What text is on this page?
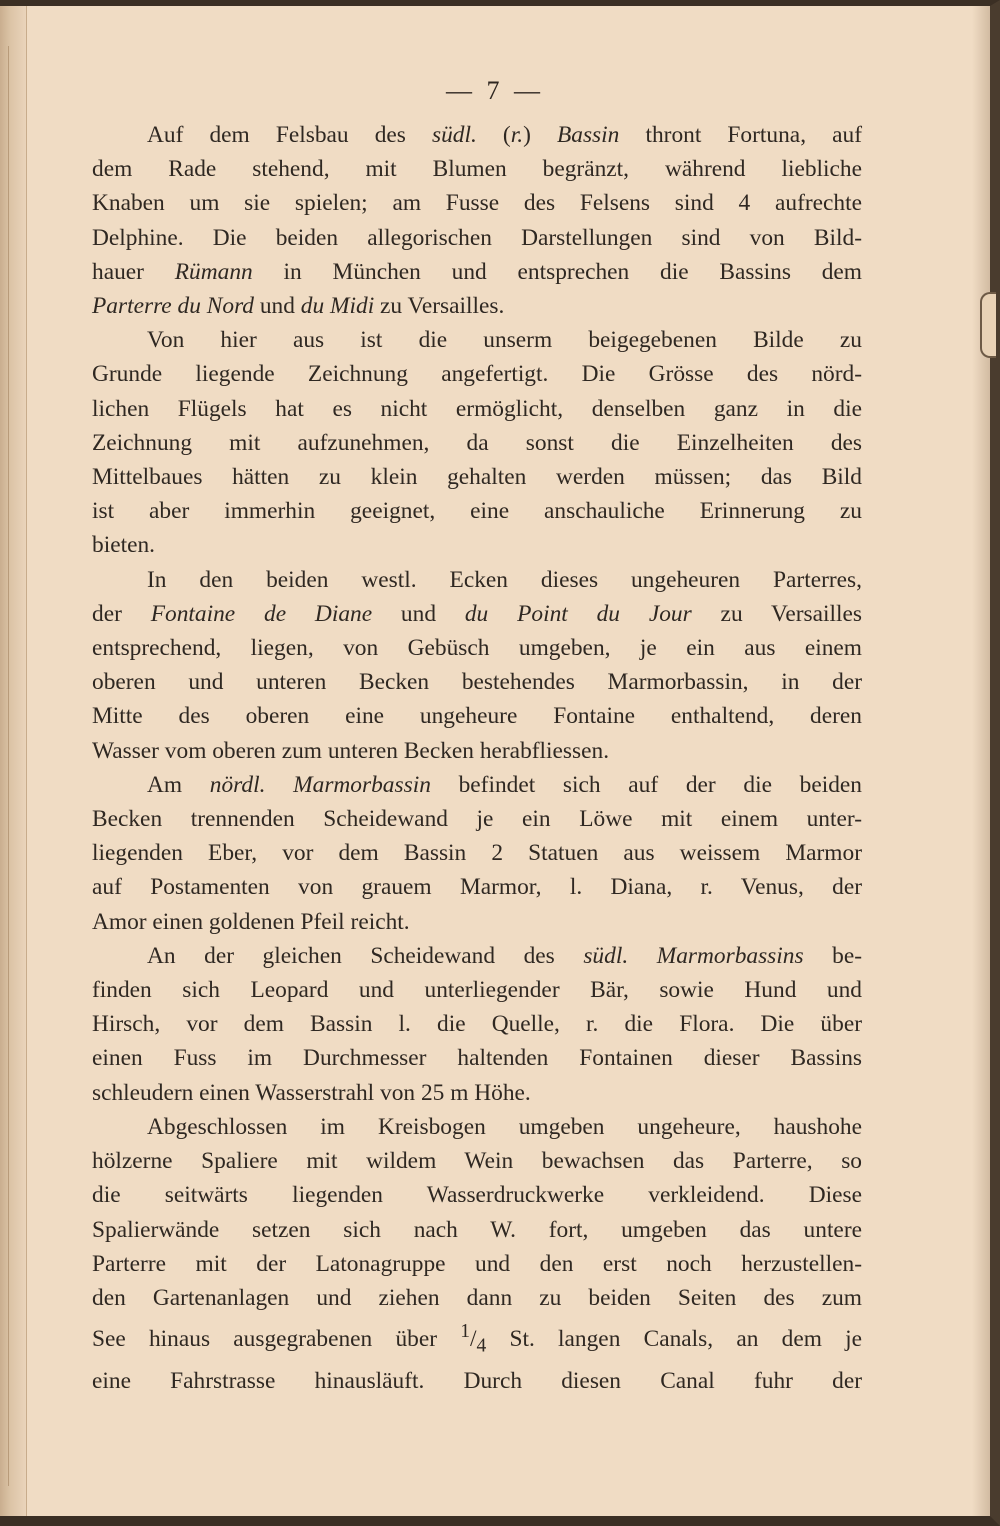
— 7 —

Auf dem Felsbau des südl. (r.) Bassin thront Fortuna, auf

dem Rade stehend, mit Blumen begränzt, während liebliche

Knaben um sie spielen; am Fusse des Felsens sind 4 aufrechte

Delphine. Die beiden allegorischen Darstellungen sind von Bild-

hauer Rümann in München und entsprechen die Bassins dem

Parterre du Nord und du Midi zu Versailles.

Von hier aus ist die unserm beigegebenen Bilde zu

Grunde liegende Zeichnung angefertigt. Die Grösse des nörd-

lichen Flügels hat es nicht ermöglicht, denselben ganz in die

Zeichnung mit aufzunehmen, da sonst die Einzelheiten des

Mittelbaues hätten zu klein gehalten werden müssen; das Bild

ist aber immerhin geeignet, eine anschauliche Erinnerung zu

bieten.

In den beiden westl. Ecken dieses ungeheuren Parterres,

der Fontaine de Diane und du Point du Jour zu Versailles

entsprechend, liegen, von Gebüsch umgeben, je ein aus einem

oberen und unteren Becken bestehendes Marmorbassin, in der

Mitte des oberen eine ungeheure Fontaine enthaltend, deren

Wasser vom oberen zum unteren Becken herabfliessen.

Am nördl. Marmorbassin befindet sich auf der die beiden

Becken trennenden Scheidewand je ein Löwe mit einem unter-

liegenden Eber, vor dem Bassin 2 Statuen aus weissem Marmor

auf Postamenten von grauem Marmor, l. Diana, r. Venus, der

Amor einen goldenen Pfeil reicht.

An der gleichen Scheidewand des südl. Marmorbassins be-

finden sich Leopard und unterliegender Bär, sowie Hund und

Hirsch, vor dem Bassin l. die Quelle, r. die Flora. Die über

einen Fuss im Durchmesser haltenden Fontainen dieser Bassins

schleudern einen Wasserstrahl von 25 m Höhe.

Abgeschlossen im Kreisbogen umgeben ungeheure, haushohe

hölzerne Spaliere mit wildem Wein bewachsen das Parterre, so

die seitwärts liegenden Wasserdruckwerke verkleidend. Diese

Spalierwände setzen sich nach W. fort, umgeben das untere

Parterre mit der Latonagruppe und den erst noch herzustellen-

den Gartenanlagen und ziehen dann zu beiden Seiten des zum

See hinaus ausgegrabenen über $^1/_4$ St. langen Canals, an dem je

eine Fahrstrasse hinausläuft. Durch diesen Canal fuhr der
